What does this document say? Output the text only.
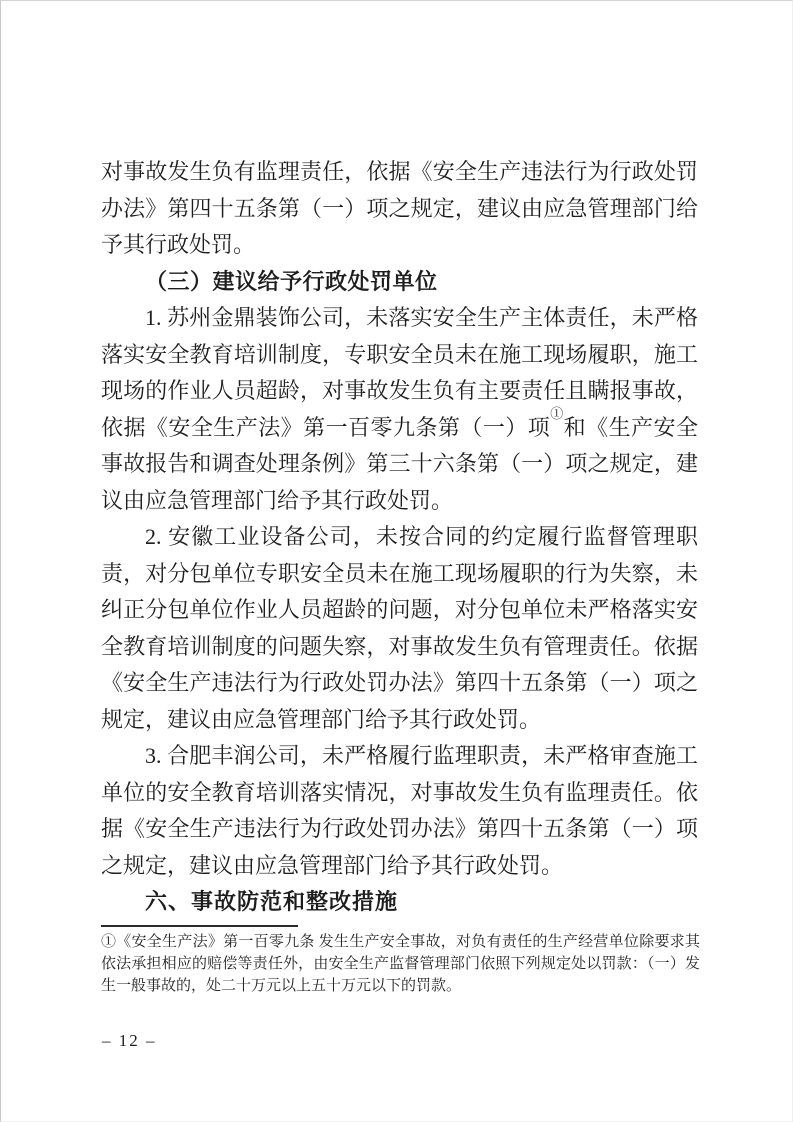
对事故发生负有监理责任，依据《安全生产违法行为行政处罚办法》第四十五条第（一）项之规定，建议由应急管理部门给予其行政处罚。

（三）建议给予行政处罚单位

1. 苏州金鼎装饰公司，未落实安全生产主体责任，未严格落实安全教育培训制度，专职安全员未在施工现场履职，施工现场的作业人员超龄，对事故发生负有主要责任且瞒报事故，依据《安全生产法》第一百零九条第（一）项①和《生产安全事故报告和调查处理条例》第三十六条第（一）项之规定，建议由应急管理部门给予其行政处罚。

2. 安徽工业设备公司，未按合同的约定履行监督管理职责，对分包单位专职安全员未在施工现场履职的行为失察，未纠正分包单位作业人员超龄的问题，对分包单位未严格落实安全教育培训制度的问题失察，对事故发生负有管理责任。依据《安全生产违法行为行政处罚办法》第四十五条第（一）项之规定，建议由应急管理部门给予其行政处罚。

3. 合肥丰润公司，未严格履行监理职责，未严格审查施工单位的安全教育培训落实情况，对事故发生负有监理责任。依据《安全生产违法行为行政处罚办法》第四十五条第（一）项之规定，建议由应急管理部门给予其行政处罚。

六、事故防范和整改措施

①《安全生产法》第一百零九条 发生生产安全事故，对负有责任的生产经营单位除要求其依法承担相应的赔偿等责任外，由安全生产监督管理部门依照下列规定处以罚款：（一）发生一般事故的，处二十万元以上五十万元以下的罚款。
– 12 –
